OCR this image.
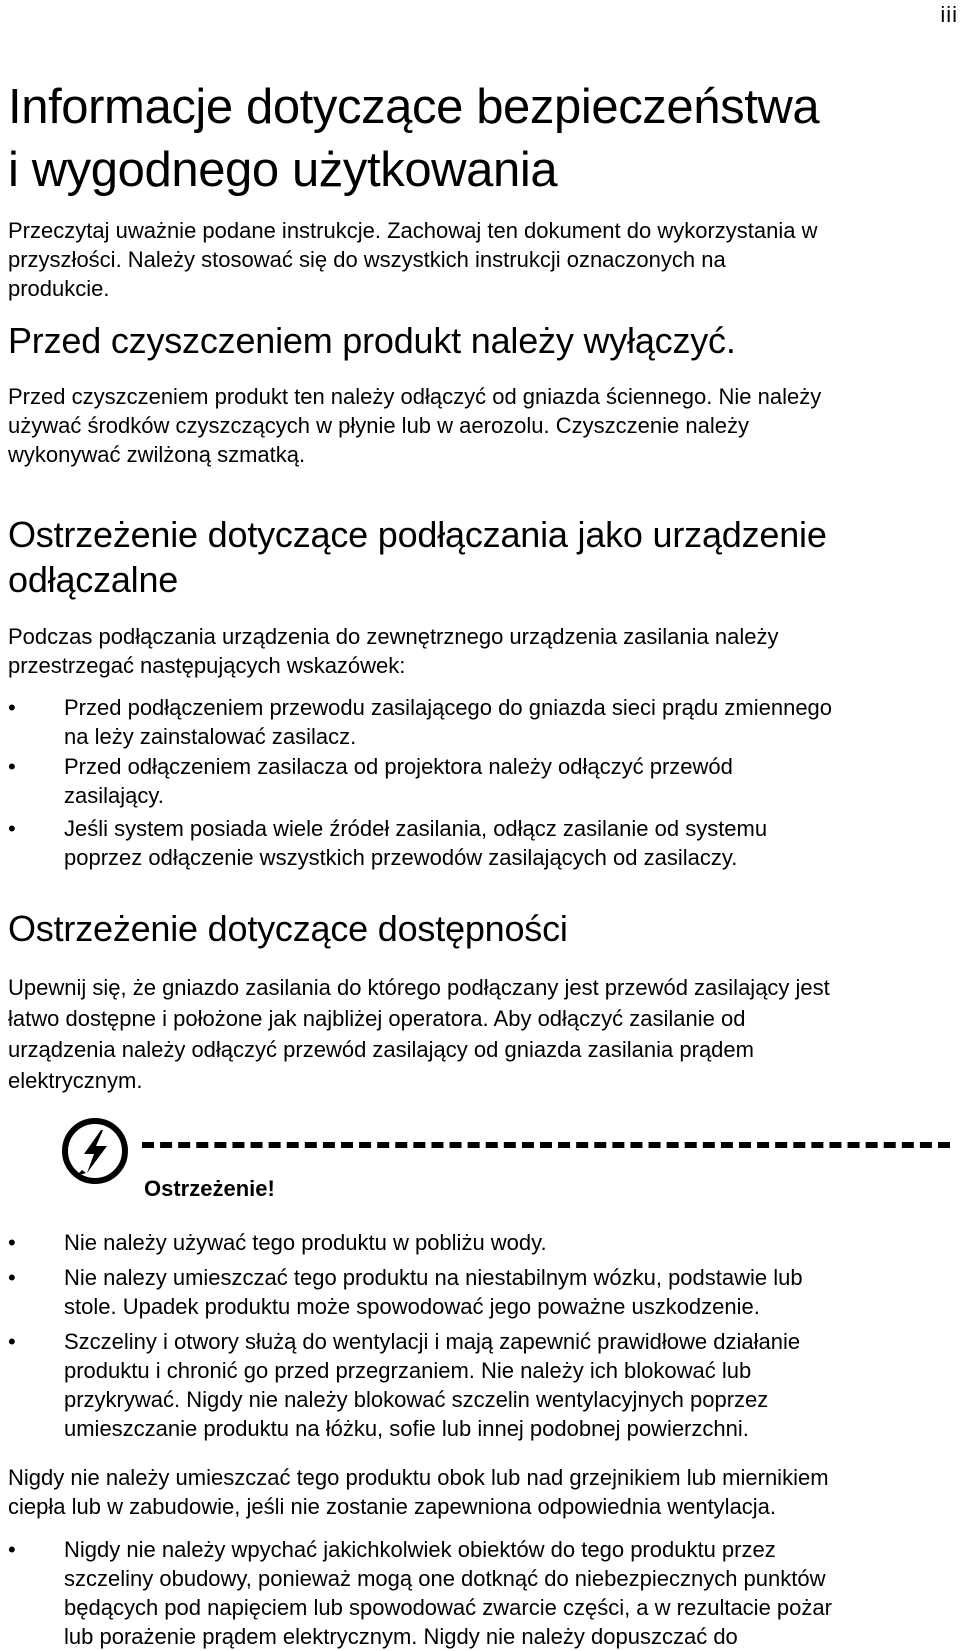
iii
Informacje dotyczące bezpieczeństwa
i wygodnego użytkowania

Przeczytaj uważnie podane instrukcje. Zachowaj ten dokument do wykorzystania w
przyszłości. Należy stosować się do wszystkich instrukcji oznaczonych na
produkcie.

Przed czyszczeniem produkt należy wyłączyć.

Przed czyszczeniem produkt ten należy odłączyć od gniazda ściennego. Nie należy
używać środków czyszczących w płynie lub w aerozolu. Czyszczenie należy
wykonywać zwilżoną szmatką.

Ostrzeżenie dotyczące podłączania jako urządzenie
odłączalne

Podczas podłączania urządzenia do zewnętrznego urządzenia zasilania należy
przestrzegać następujących wskazówek:

•	Przed podłączeniem przewodu zasilającego do gniazda sieci prądu zmiennego
na leży zainstalować zasilacz.
•	Przed odłączeniem zasilacza od projektora należy odłączyć przewód
zasilający.
•	Jeśli system posiada wiele źródeł zasilania, odłącz zasilanie od systemu
poprzez odłączenie wszystkich przewodów zasilających od zasilaczy.
Ostrzeżenie dotyczące dostępności

Upewnij się, że gniazdo zasilania do którego podłączany jest przewód zasilający jest
łatwo dostępne i położone jak najbliżej operatora. Aby odłączyć zasilanie od
urządzenia należy odłączyć przewód zasilający od gniazda zasilania prądem
elektrycznym.

Ostrzeżenie!
•	Nie należy używać tego produktu w pobliżu wody.
•	Nie nalezy umieszczać tego produktu na niestabilnym wózku, podstawie lub
stole. Upadek produktu może spowodować jego poważne uszkodzenie.
•	Szczeliny i otwory służą do wentylacji i mają zapewnić prawidłowe działanie
produktu i chronić go przed przegrzaniem. Nie należy ich blokować lub
przykrywać. Nigdy nie należy blokować szczelin wentylacyjnych poprzez
umieszczanie produktu na łóżku, sofie lub innej podobnej powierzchni.

Nigdy nie należy umieszczać tego produktu obok lub nad grzejnikiem lub miernikiem
ciepła lub w zabudowie, jeśli nie zostanie zapewniona odpowiednia wentylacja.

•	Nigdy nie należy wpychać jakichkolwiek obiektów do tego produktu przez
szczeliny obudowy, ponieważ mogą one dotknąć do niebezpiecznych punktów
będących pod napięciem lub spowodować zwarcie części, a w rezultacie pożar
lub porażenie prądem elektrycznym. Nigdy nie należy dopuszczać do
